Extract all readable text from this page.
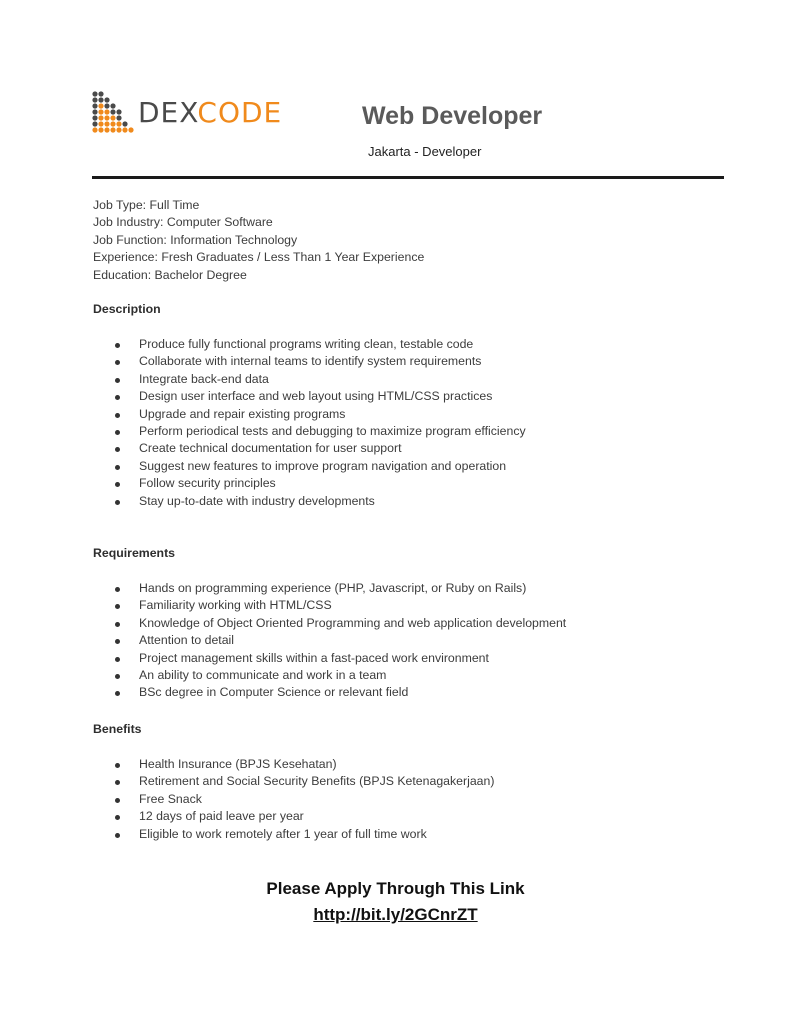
DEXCODE	Web Developer
Jakarta - Developer
Job Type: Full Time
Job Industry: Computer Software
Job Function: Information Technology
Experience: Fresh Graduates / Less Than 1 Year Experience
Education: Bachelor Degree
Description
Produce fully functional programs writing clean, testable code
Collaborate with internal teams to identify system requirements
Integrate back-end data
Design user interface and web layout using HTML/CSS practices
Upgrade and repair existing programs
Perform periodical tests and debugging to maximize program efficiency
Create technical documentation for user support
Suggest new features to improve program navigation and operation
Follow security principles
Stay up-to-date with industry developments
Requirements
Hands on programming experience (PHP, Javascript, or Ruby on Rails)
Familiarity working with HTML/CSS
Knowledge of Object Oriented Programming and web application development
Attention to detail
Project management skills within a fast-paced work environment
An ability to communicate and work in a team
BSc degree in Computer Science or relevant field
Benefits
Health Insurance (BPJS Kesehatan)
Retirement and Social Security Benefits (BPJS Ketenagakerjaan)
Free Snack
12 days of paid leave per year
Eligible to work remotely after 1 year of full time work
Please Apply Through This Link
http://bit.ly/2GCnrZT
